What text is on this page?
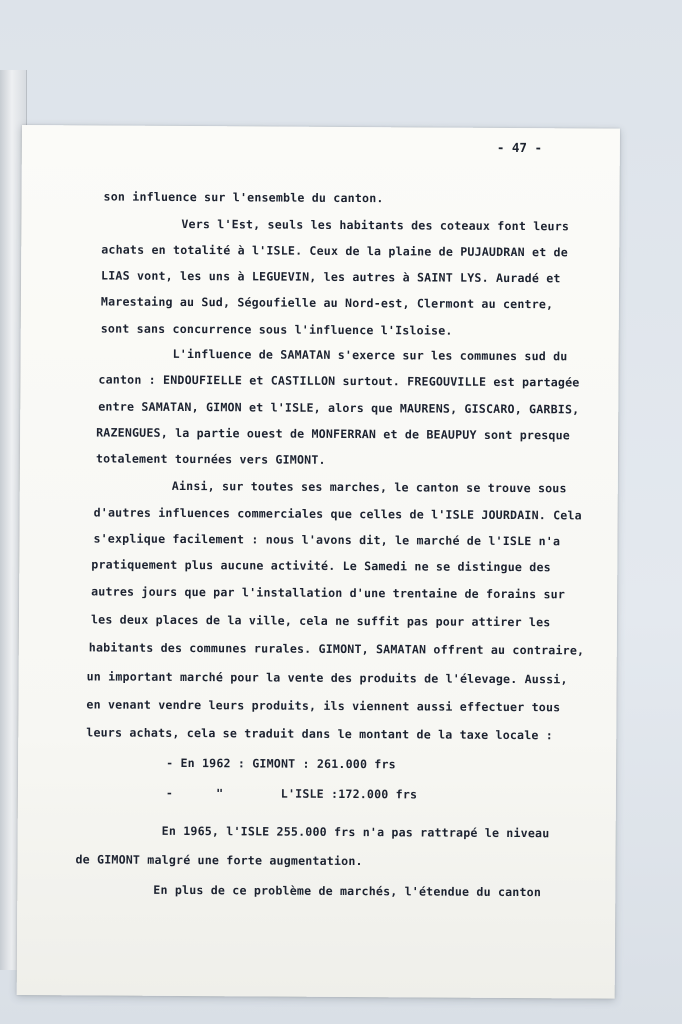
- 47 -

son influence sur l'ensemble du canton.

Vers l'Est, seuls les habitants des coteaux font leurs

achats en totalité à l'ISLE. Ceux de la plaine de PUJAUDRAN et de

LIAS vont, les uns à LEGUEVIN, les autres à SAINT LYS. Auradé et

Marestaing au Sud, Ségoufielle au Nord-est, Clermont au centre,

sont sans concurrence sous l'influence l'Isloise.

L'influence de SAMATAN s'exerce sur les communes sud du

canton : ENDOUFIELLE et CASTILLON surtout. FREGOUVILLE est partagée

entre SAMATAN, GIMON et l'ISLE, alors que MAURENS, GISCARO, GARBIS,

RAZENGUES, la partie ouest de MONFERRAN et de BEAUPUY sont presque

totalement tournées vers GIMONT.

Ainsi, sur toutes ses marches, le canton se trouve sous

d'autres influences commerciales que celles de l'ISLE JOURDAIN. Cela

s'explique facilement : nous l'avons dit, le marché de l'ISLE n'a

pratiquement plus aucune activité. Le Samedi ne se distingue des

autres jours que par l'installation d'une trentaine de forains sur

les deux places de la ville, cela ne suffit pas pour attirer les

habitants des communes rurales. GIMONT, SAMATAN offrent au contraire,

un important marché pour la vente des produits de l'élevage. Aussi,

en venant vendre leurs produits, ils viennent aussi effectuer tous

leurs achats, cela se traduit dans le montant de la taxe locale :

- En 1962 : GIMONT : 261.000 frs

-      "        L'ISLE :172.000 frs

En 1965, l'ISLE 255.000 frs n'a pas rattrapé le niveau

de GIMONT malgré une forte augmentation.

En plus de ce problème de marchés, l'étendue du canton
